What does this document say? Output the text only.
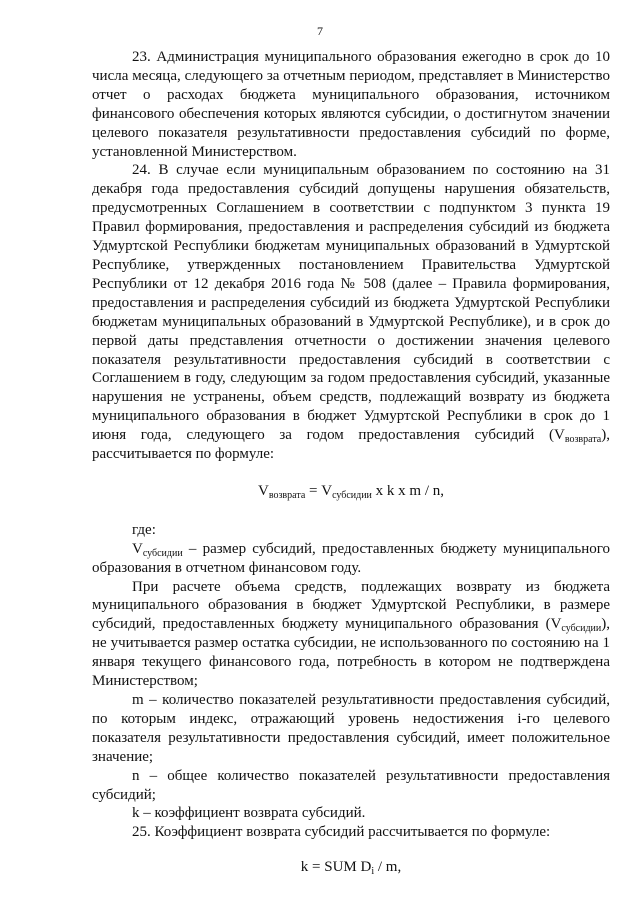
7

23. Администрация муниципального образования ежегодно в срок до 10 числа месяца, следующего за отчетным периодом, представляет в Министерство отчет о расходах бюджета муниципального образования, источником финансового обеспечения которых являются субсидии, о достигнутом значении целевого показателя результативности предоставления субсидий по форме, установленной Министерством.

24. В случае если муниципальным образованием по состоянию на 31 декабря года предоставления субсидий допущены нарушения обязательств, предусмотренных Соглашением в соответствии с подпунктом 3 пункта 19 Правил формирования, предоставления и распределения субсидий из бюджета Удмуртской Республики бюджетам муниципальных образований в Удмуртской Республике, утвержденных постановлением Правительства Удмуртской Республики от 12 декабря 2016 года № 508 (далее – Правила формирования, предоставления и распределения субсидий из бюджета Удмуртской Республики бюджетам муниципальных образований в Удмуртской Республике), и в срок до первой даты представления отчетности о достижении значения целевого показателя результативности предоставления субсидий в соответствии с Соглашением в году, следующим за годом предоставления субсидий, указанные нарушения не устранены, объем средств, подлежащий возврату из бюджета муниципального образования в бюджет Удмуртской Республики в срок до 1 июня года, следующего за годом предоставления субсидий $(V_{возврата})$, рассчитывается по формуле:

$V_{возврата} = V_{субсидии}$ x k x m / n,

где:

$V_{субсидии}$ – размер субсидий, предоставленных бюджету муниципального образования в отчетном финансовом году.

При расчете объема средств, подлежащих возврату из бюджета муниципального образования в бюджет Удмуртской Республики, в размере субсидий, предоставленных бюджету муниципального образования $(V_{субсидии})$, не учитывается размер остатка субсидии, не использованного по состоянию на 1 января текущего финансового года, потребность в котором не подтверждена Министерством;

m – количество показателей результативности предоставления субсидий, по которым индекс, отражающий уровень недостижения i-го целевого показателя результативности предоставления субсидий, имеет положительное значение;

n – общее количество показателей результативности предоставления субсидий;

k – коэффициент возврата субсидий.

25. Коэффициент возврата субсидий рассчитывается по формуле:

k = SUM $D_i$ / m,
